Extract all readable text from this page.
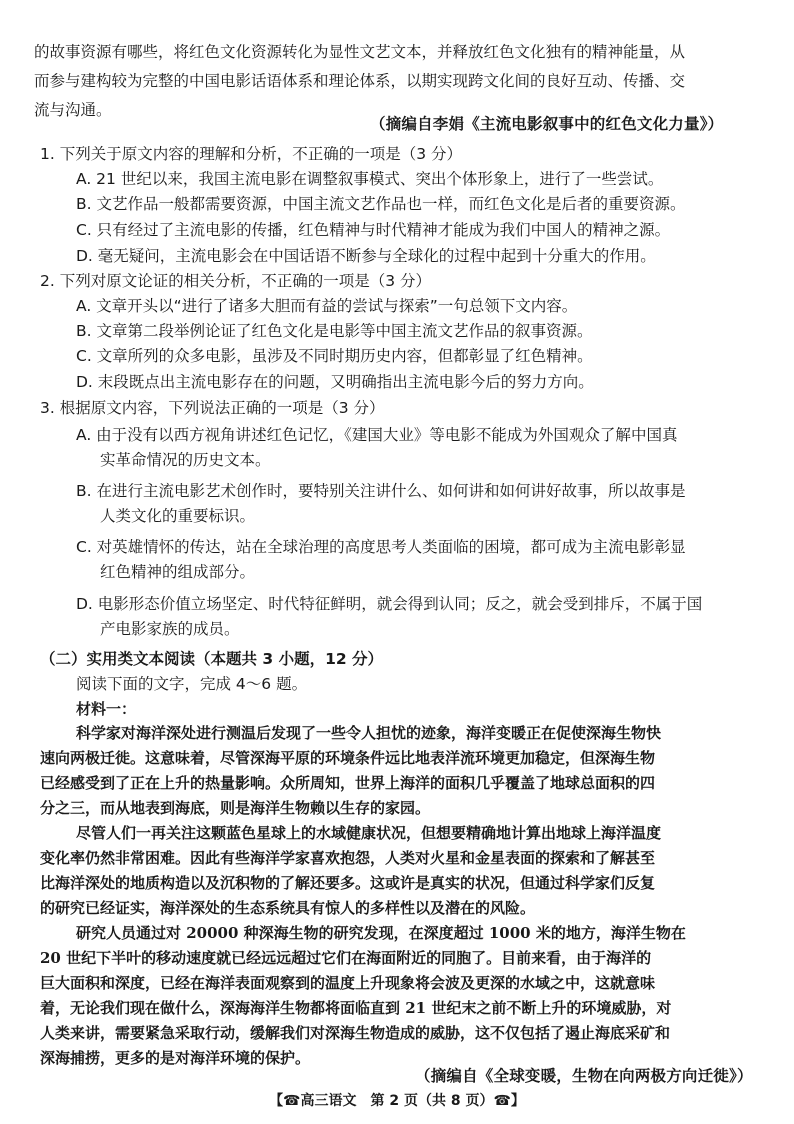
的故事资源有哪些，将红色文化资源转化为显性文艺文本，并释放红色文化独有的精神能量，从
而参与建构较为完整的中国电影话语体系和理论体系，以期实现跨文化间的良好互动、传播、交
流与沟通。
（摘编自李娟《主流电影叙事中的红色文化力量》）
1. 下列关于原文内容的理解和分析，不正确的一项是（3 分）
A. 21 世纪以来，我国主流电影在调整叙事模式、突出个体形象上，进行了一些尝试。
B. 文艺作品一般都需要资源，中国主流文艺作品也一样，而红色文化是后者的重要资源。
C. 只有经过了主流电影的传播，红色精神与时代精神才能成为我们中国人的精神之源。
D. 毫无疑问，主流电影会在中国话语不断参与全球化的过程中起到十分重大的作用。
2. 下列对原文论证的相关分析，不正确的一项是（3 分）
A. 文章开头以“进行了诸多大胆而有益的尝试与探索”一句总领下文内容。
B. 文章第二段举例论证了红色文化是电影等中国主流文艺作品的叙事资源。
C. 文章所列的众多电影，虽涉及不同时期历史内容，但都彰显了红色精神。
D. 末段既点出主流电影存在的问题，又明确指出主流电影今后的努力方向。
3. 根据原文内容，下列说法正确的一项是（3 分）
A. 由于没有以西方视角讲述红色记忆，《建国大业》等电影不能成为外国观众了解中国真
实革命情况的历史文本。
B. 在进行主流电影艺术创作时，要特别关注讲什么、如何讲和如何讲好故事，所以故事是
人类文化的重要标识。
C. 对英雄情怀的传达，站在全球治理的高度思考人类面临的困境，都可成为主流电影彰显
红色精神的组成部分。
D. 电影形态价值立场坚定、时代特征鲜明，就会得到认同；反之，就会受到排斥，不属于国
产电影家族的成员。
（二）实用类文本阅读（本题共 3 小题，12 分）
阅读下面的文字，完成 4～6 题。
材料一：
科学家对海洋深处进行测温后发现了一些令人担忧的迹象，海洋变暖正在促使深海生物快
速向两极迁徙。这意味着，尽管深海平原的环境条件远比地表洋流环境更加稳定，但深海生物
已经感受到了正在上升的热量影响。众所周知，世界上海洋的面积几乎覆盖了地球总面积的四
分之三，而从地表到海底，则是海洋生物赖以生存的家园。
尽管人们一再关注这颗蓝色星球上的水域健康状况，但想要精确地计算出地球上海洋温度
变化率仍然非常困难。因此有些海洋学家喜欢抱怨，人类对火星和金星表面的探索和了解甚至
比海洋深处的地质构造以及沉积物的了解还要多。这或许是真实的状况，但通过科学家们反复
的研究已经证实，海洋深处的生态系统具有惊人的多样性以及潜在的风险。
研究人员通过对 20000 种深海生物的研究发现，在深度超过 1000 米的地方，海洋生物在
20 世纪下半叶的移动速度就已经远远超过它们在海面附近的同胞了。目前来看，由于海洋的
巨大面积和深度，已经在海洋表面观察到的温度上升现象将会波及更深的水域之中，这就意味
着，无论我们现在做什么，深海海洋生物都将面临直到 21 世纪末之前不断上升的环境威胁，对
人类来讲，需要紧急采取行动，缓解我们对深海生物造成的威胁，这不仅包括了遏止海底采矿和
深海捕捞，更多的是对海洋环境的保护。
（摘编自《全球变暖，生物在向两极方向迁徙》）
【☎高三语文　第 2 页（共 8 页）☎】
